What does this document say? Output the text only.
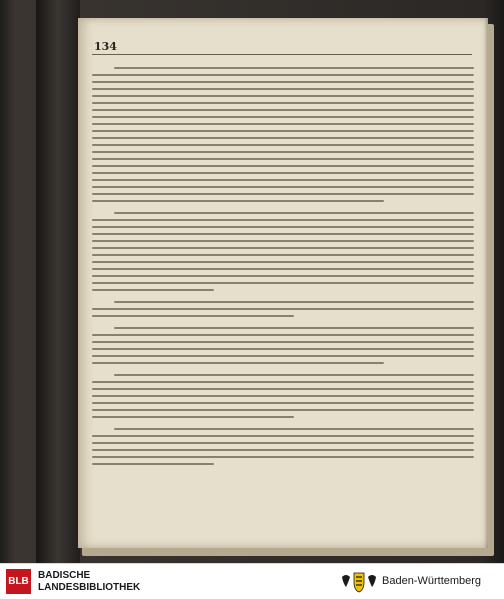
134
BLB
BADISCHE
LANDESBIBLIOTHEK
Baden-Württemberg
